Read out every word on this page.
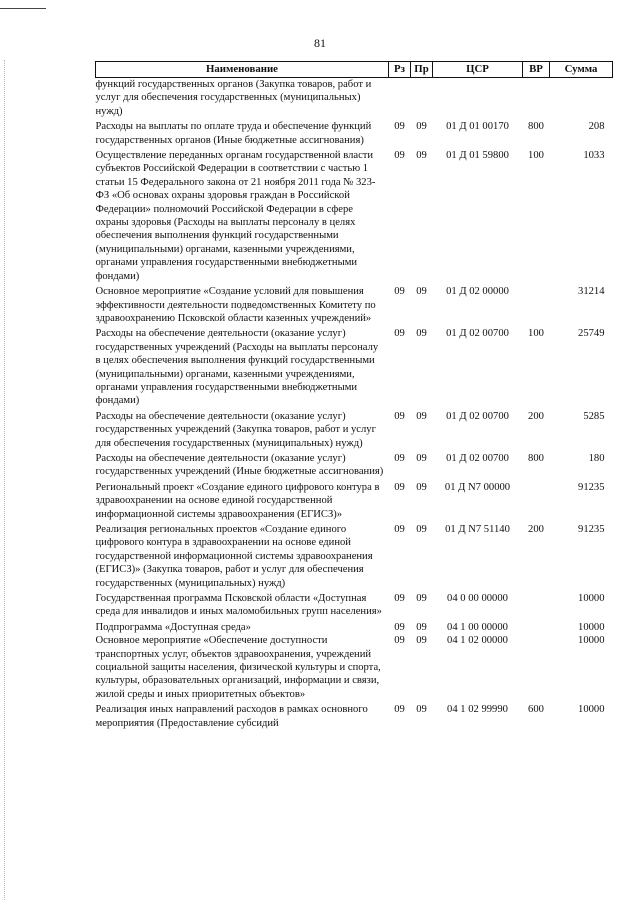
81
Наименование	Рз	Пр	ЦСР	ВР	Сумма
функций государственных органов (Закупка товаров, работ и услуг для обеспечения государственных (муниципальных) нужд)					
Расходы на выплаты по оплате труда и обеспечение функций государственных органов (Иные бюджетные ассигнования)	09	09	01 Д 01 00170	800	208
Осуществление переданных органам государственной власти субъектов Российской Федерации в соответствии с частью 1 статьи 15 Федерального закона от 21 ноября 2011 года № 323-ФЗ «Об основах охраны здоровья граждан в Российской Федерации» полномочий Российской Федерации в сфере охраны здоровья (Расходы на выплаты персоналу в целях обеспечения выполнения функций государственными (муниципальными) органами, казенными учреждениями, органами управления государственными внебюджетными фондами)	09	09	01 Д 01 59800	100	1033
Основное мероприятие «Создание условий для повышения эффективности деятельности подведомственных Комитету по здравоохранению Псковской области казенных учреждений»	09	09	01 Д 02 00000		31214
Расходы на обеспечение деятельности (оказание услуг) государственных учреждений (Расходы на выплаты персоналу в целях обеспечения выполнения функций государственными (муниципальными) органами, казенными учреждениями, органами управления государственными внебюджетными фондами)	09	09	01 Д 02 00700	100	25749
Расходы на обеспечение деятельности (оказание услуг) государственных учреждений (Закупка товаров, работ и услуг для обеспечения государственных (муниципальных) нужд)	09	09	01 Д 02 00700	200	5285
Расходы на обеспечение деятельности (оказание услуг) государственных учреждений (Иные бюджетные ассигнования)	09	09	01 Д 02 00700	800	180
Региональный проект «Создание единого цифрового контура в здравоохранении на основе единой государственной информационной системы здравоохранения (ЕГИСЗ)»	09	09	01 Д N7 00000		91235
Реализация региональных проектов «Создание единого цифрового контура в здравоохранении на основе единой государственной информационной системы здравоохранения (ЕГИСЗ)» (Закупка товаров, работ и услуг для обеспечения государственных (муниципальных) нужд)	09	09	01 Д N7 51140	200	91235
Государственная программа Псковской области «Доступная среда для инвалидов и иных маломобильных групп населения»	09	09	04 0 00 00000		10000
Подпрограмма «Доступная среда»	09	09	04 1 00 00000		10000
Основное мероприятие «Обеспечение доступности транспортных услуг, объектов здравоохранения, учреждений социальной защиты населения, физической культуры и спорта, культуры, образовательных организаций, информации и связи, жилой среды и иных приоритетных объектов»	09	09	04 1 02 00000		10000
Реализация иных направлений расходов в рамках основного мероприятия (Предоставление субсидий	09	09	04 1 02 99990	600	10000
